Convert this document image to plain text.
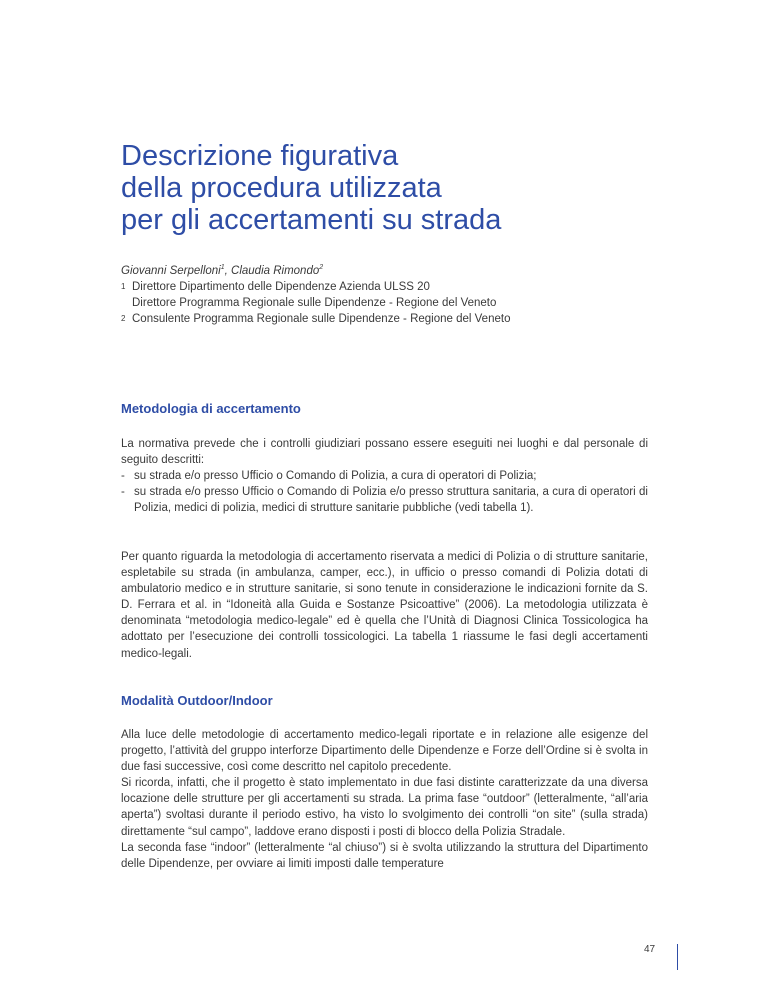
Descrizione figurativa
della procedura utilizzata
per gli accertamenti su strada
Giovanni Serpelloni$^1$, Claudia Rimondo$^2$
1 Direttore Dipartimento delle Dipendenze Azienda ULSS 20
Direttore Programma Regionale sulle Dipendenze - Regione del Veneto
2 Consulente Programma Regionale sulle Dipendenze - Regione del Veneto
Metodologia di accertamento

La normativa prevede che i controlli giudiziari possano essere eseguiti nei luoghi e dal personale di seguito descritti:

- su strada e/o presso Ufficio o Comando di Polizia, a cura di operatori di Polizia;
- su strada e/o presso Ufficio o Comando di Polizia e/o presso struttura sanitaria, a cura di operatori di Polizia, medici di polizia, medici di strutture sanitarie pubbliche (vedi tabella 1).

Per quanto riguarda la metodologia di accertamento riservata a medici di Polizia o di strutture sanitarie, espletabile su strada (in ambulanza, camper, ecc.), in ufficio o presso comandi di Polizia dotati di ambulatorio medico e in strutture sanitarie, si sono tenute in considerazione le indicazioni fornite da S. D. Ferrara et al. in “Idoneità alla Guida e Sostanze Psicoattive” (2006). La metodologia utilizzata è denominata “metodologia medico-legale” ed è quella che l’Unità di Diagnosi Clinica Tossicologica ha adottato per l’esecuzione dei controlli tossicologici. La tabella 1 riassume le fasi degli accertamenti medico-legali.

Modalità Outdoor/Indoor

Alla luce delle metodologie di accertamento medico-legali riportate e in relazione alle esigenze del progetto, l’attività del gruppo interforze Dipartimento delle Dipendenze e Forze dell’Ordine si è svolta in due fasi successive, così come descritto nel capitolo precedente.

Si ricorda, infatti, che il progetto è stato implementato in due fasi distinte caratterizzate da una diversa locazione delle strutture per gli accertamenti su strada. La prima fase “outdoor” (letteralmente, “all’aria aperta”) svoltasi durante il periodo estivo, ha visto lo svolgimento dei controlli “on site” (sulla strada) direttamente “sul campo”, laddove erano disposti i posti di blocco della Polizia Stradale.

La seconda fase “indoor” (letteralmente “al chiuso”) si è svolta utilizzando la struttura del Dipartimento delle Dipendenze, per ovviare ai limiti imposti dalle temperature

47
